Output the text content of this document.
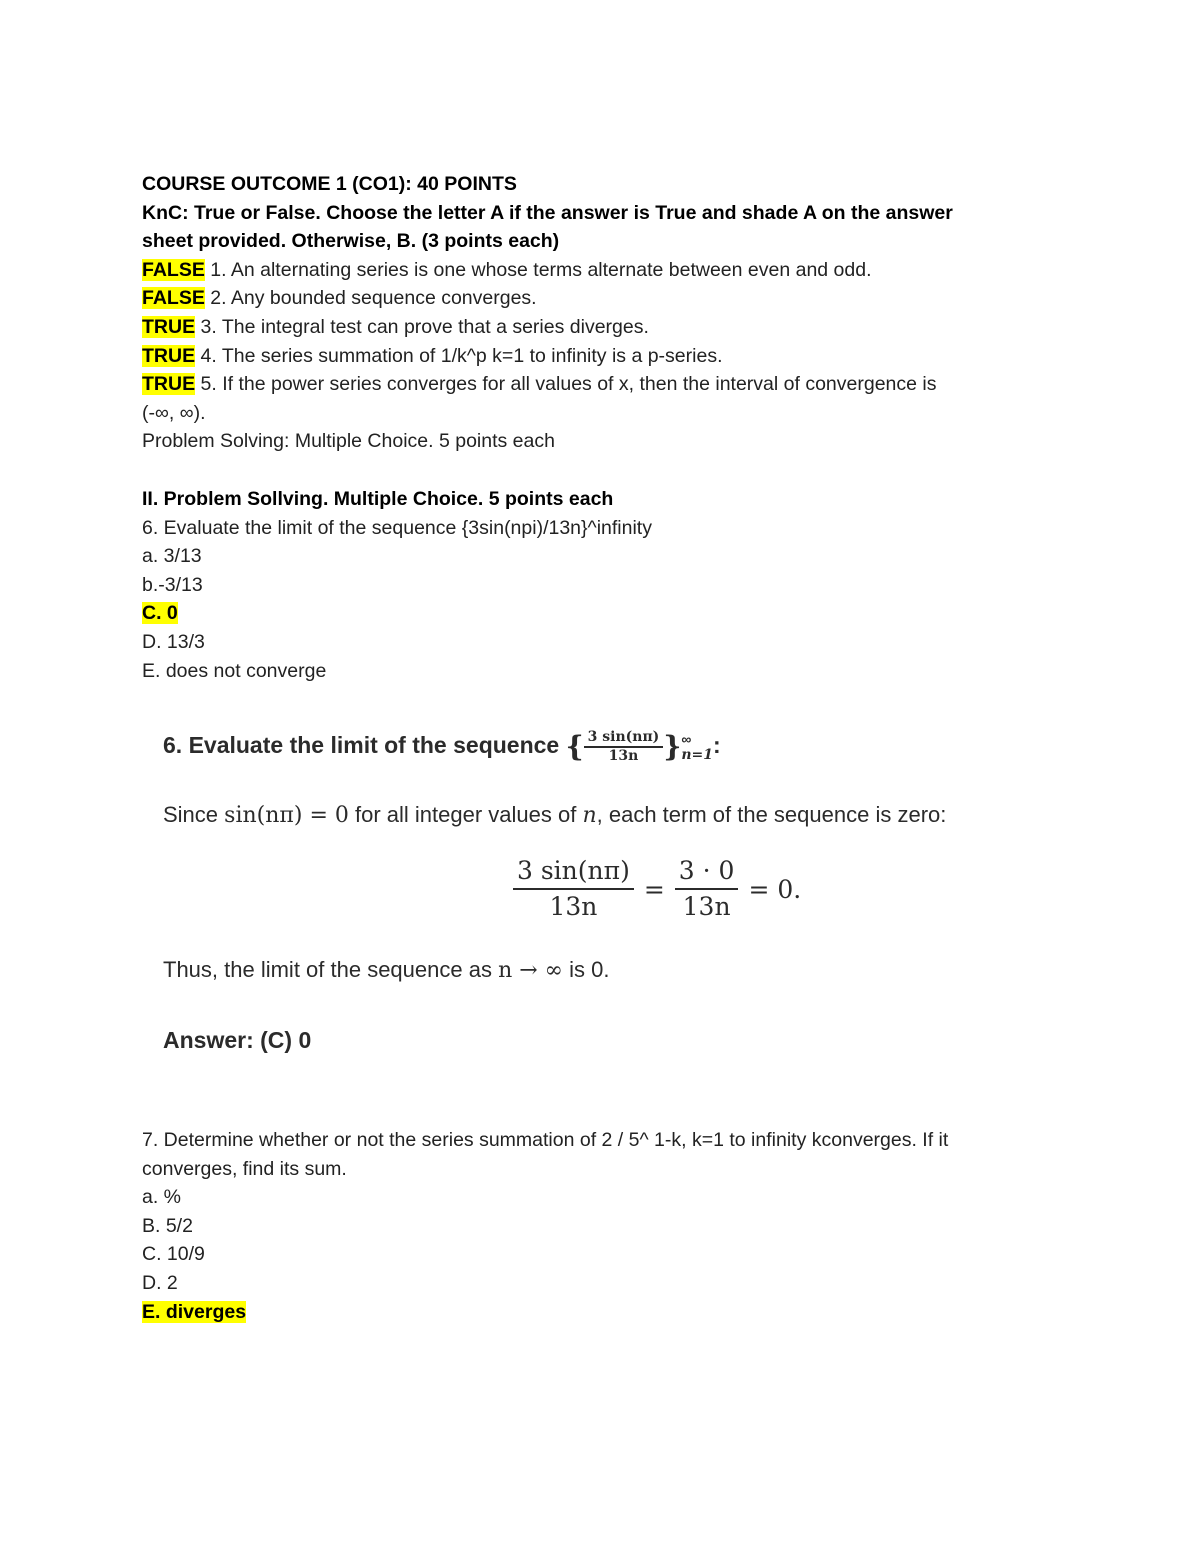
COURSE OUTCOME 1 (CO1): 40 POINTS
KnC: True or False. Choose the letter A if the answer is True and shade A on the answer
sheet provided. Otherwise, B. (3 points each)
FALSE 1. An alternating series is one whose terms alternate between even and odd.
FALSE 2. Any bounded sequence converges.
TRUE 3. The integral test can prove that a series diverges.
TRUE 4. The series summation of 1/k^p k=1 to infinity is a p-series.
TRUE 5. If the power series converges for all values of x, then the interval of convergence is
(-∞, ∞).
Problem Solving: Multiple Choice. 5 points each
II. Problem Sollving. Multiple Choice. 5 points each
6. Evaluate the limit of the sequence {3sin(npi)/13n}^infinity
a. 3/13
b.-3/13
C. 0
D. 13/3
E. does not converge
6. Evaluate the limit of the sequence { $\frac{3 \sin(n\pi)}{13n}$ } ∞
n=1 :
Since sin(nπ) = 0 for all integer values of n, each term of the sequence is zero:
$\frac{3 \sin(n\pi)}{13n} = \frac{3 \cdot 0}{13n} = 0$.
Thus, the limit of the sequence as n → ∞ is 0.
Answer: (C) 0
7. Determine whether or not the series summation of 2 / 5^ 1-k, k=1 to infinity kconverges. If it
converges, find its sum.
a. %
B. 5/2
C. 10/9
D. 2
E. diverges
